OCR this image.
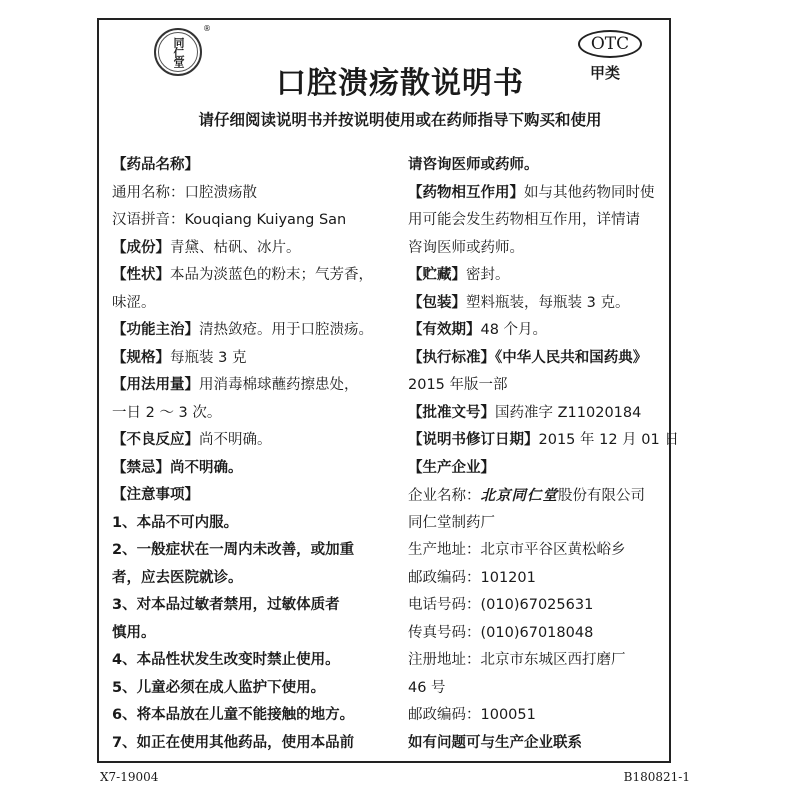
同仁堂
®
OTC
甲类
口腔溃疡散说明书
请仔细阅读说明书并按说明使用或在药师指导下购买和使用
【药品名称】
通用名称：口腔溃疡散
汉语拼音：Kouqiang Kuiyang San
【成份】青黛、枯矾、冰片。
【性状】本品为淡蓝色的粉末；气芳香，
味涩。
【功能主治】清热敛疮。用于口腔溃疡。
【规格】每瓶装 3 克
【用法用量】用消毒棉球蘸药擦患处，
一日 2 ～ 3 次。
【不良反应】尚不明确。
【禁忌】尚不明确。
【注意事项】
1、本品不可内服。
2、一般症状在一周内未改善，或加重
者，应去医院就诊。
3、对本品过敏者禁用，过敏体质者
慎用。
4、本品性状发生改变时禁止使用。
5、儿童必须在成人监护下使用。
6、将本品放在儿童不能接触的地方。
7、如正在使用其他药品，使用本品前
请咨询医师或药师。
【药物相互作用】如与其他药物同时使
用可能会发生药物相互作用，详情请
咨询医师或药师。
【贮藏】密封。
【包装】塑料瓶装，每瓶装 3 克。
【有效期】48 个月。
【执行标准】《中华人民共和国药典》
2015 年版一部
【批准文号】国药准字 Z11020184
【说明书修订日期】2015 年 12 月 01 日
【生产企业】
企业名称：北京同仁堂股份有限公司
同仁堂制药厂
生产地址：北京市平谷区黄松峪乡
邮政编码：101201
电话号码：(010)67025631
传真号码：(010)67018048
注册地址：北京市东城区西打磨厂
46 号
邮政编码：100051
如有问题可与生产企业联系
X7-19004	B180821-1
